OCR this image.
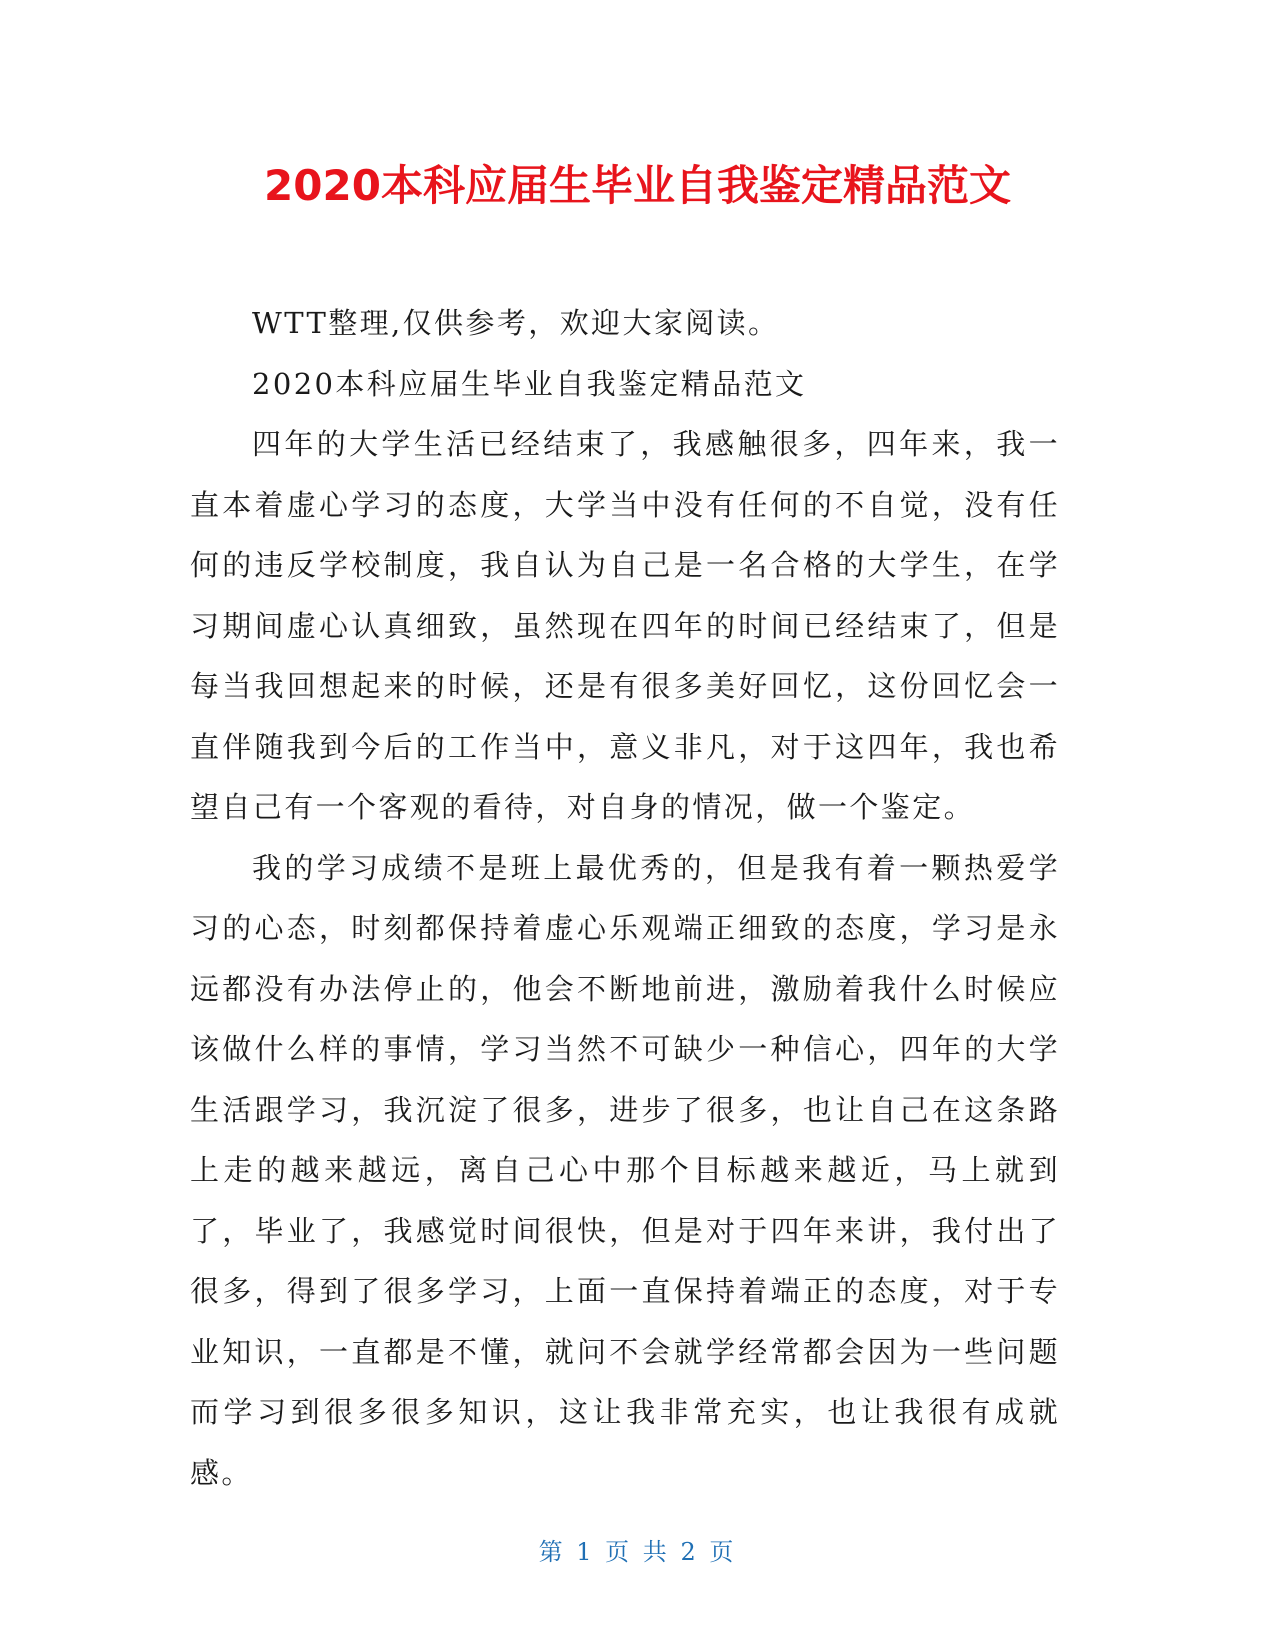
2020本科应届生毕业自我鉴定精品范文

WTT整理,仅供参考，欢迎大家阅读。

2020本科应届生毕业自我鉴定精品范文

四年的大学生活已经结束了，我感触很多，四年来，我一直本着虚心学习的态度，大学当中没有任何的不自觉，没有任何的违反学校制度，我自认为自己是一名合格的大学生，在学习期间虚心认真细致，虽然现在四年的时间已经结束了，但是每当我回想起来的时候，还是有很多美好回忆，这份回忆会一直伴随我到今后的工作当中，意义非凡，对于这四年，我也希望自己有一个客观的看待，对自身的情况，做一个鉴定。

我的学习成绩不是班上最优秀的，但是我有着一颗热爱学习的心态，时刻都保持着虚心乐观端正细致的态度，学习是永远都没有办法停止的，他会不断地前进，激励着我什么时候应该做什么样的事情，学习当然不可缺少一种信心，四年的大学生活跟学习，我沉淀了很多，进步了很多，也让自己在这条路上走的越来越远，离自己心中那个目标越来越近，马上就到了，毕业了，我感觉时间很快，但是对于四年来讲，我付出了很多，得到了很多学习，上面一直保持着端正的态度，对于专业知识，一直都是不懂，就问不会就学经常都会因为一些问题而学习到很多很多知识，这让我非常充实，也让我很有成就感。

第 1 页 共 2 页
